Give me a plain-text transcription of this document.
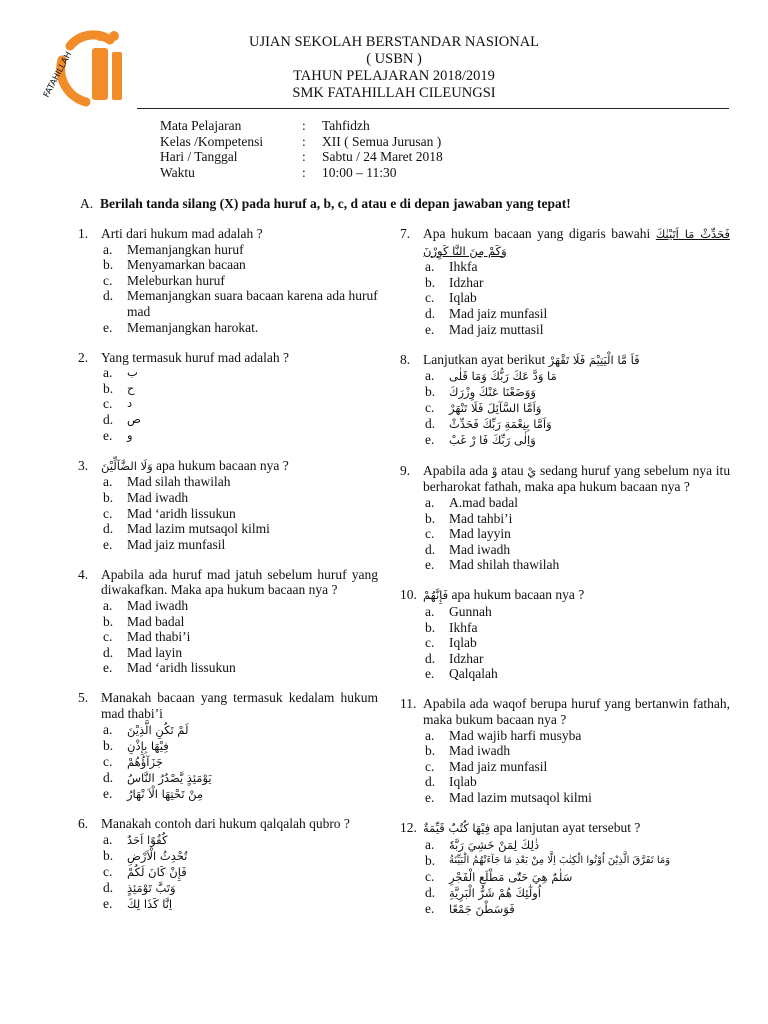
FATAHILLAH
UJIAN SEKOLAH BERSTANDAR NASIONAL
( USBN )
TAHUN PELAJARAN 2018/2019
SMK FATAHILLAH CILEUNGSI
Mata Pelajaran	:	Tahfidzh
Kelas /Kompetensi	:	XII ( Semua Jurusan )
Hari / Tanggal	:	Sabtu / 24 Maret 2018
Waktu	:	10:00 – 11:30
A. Berilah tanda silang (X) pada huruf a, b, c, d atau e di depan jawaban yang tepat!
1. Arti dari hukum mad adalah ?
a.	Memanjangkan huruf
b.	Menyamarkan bacaan
c.	Meleburkan huruf
d.	Memanjangkan suara bacaan karena ada huruf mad
e.	Memanjangkan harokat.
2. Yang termasuk huruf mad adalah ?
a.	ب
b.	ح
c.	د
d.	ص
e.	و
3.	وَلَا الضَّآلِّيْنَ apa hukum bacaan nya ?
a.	Mad silah thawilah
b.	Mad iwadh
c.	Mad ‘aridh lissukun
d.	Mad lazim mutsaqol kilmi
e.	Mad jaiz munfasil
4. Apabila ada huruf mad jatuh sebelum huruf yang diwakafkan. Maka apa hukum bacaan nya ?
a.	Mad iwadh
b.	Mad badal
c.	Mad thabi’i
d.	Mad layin
e.	Mad ‘aridh lissukun
5. Manakah bacaan yang termasuk kedalam hukum mad thabi’i
a.	لَمْ تَكُنِ الَّذِيْنَ
b.	فِيْهَا بِإِذْنِ
c.	جَزَآؤُهُمْ
d.	يَوْمَئِذٍ يَّصْدُرُ النَّاسُ
e.	مِنْ تَحْتِهَا الْاَ نْهَارُ
6. Manakah contoh dari hukum qalqalah qubro ?
a.	كُفُوًا اَحَدٌ
b.	تُحْدِثُ الْاَرْضِ
c.	فَإِنْ كَانَ لَكُمْ
d.	وَتَبَّ تَوْمَئِذٍ
e.	اِنَّا كَذَا لِكَ
7. Apa hukum bacaan yang digaris bawahi فَحَدِّثْ مَا اَتَيْنٰكَ وَكَمْ مِنَ النَّا كَوِرْنَ
a.	Ihkfa
b.	Idzhar
c.	Iqlab
d.	Mad jaiz munfasil
e.	Mad jaiz muttasil
8. Lanjutkan ayat berikut فَاَ مَّا الْيَتِيْمَ فَلَا تَقْهَرْ
a.	مَا وَدَّ عَكَ رَبُّكَ وَمَا قَلٰى
b.	وَوَضَعْنَا عَنْكَ وِزْرَكَ
c.	وَاَمَّا السَّآئِلَ فَلَا تَنْهَرْ
d.	وَاَمَّا بِنِعْمَةِ رَبِّكَ فَحَدِّثْ
e.	وَاِلٰى رَبِّكَ فَا رْ غَبْ
9. Apabila ada وْ atau يْ sedang huruf yang sebelum nya itu berharokat fathah, maka apa hukum bacaan nya ?
a.	A.mad badal
b.	Mad tahbi’i
c.	Mad layyin
d.	Mad iwadh
e.	Mad shilah thawilah
10. فَإِنَّهُمْ apa hukum bacaan nya ?
a.	Gunnah
b.	Ikhfa
c.	Iqlab
d.	Idzhar
e.	Qalqalah
11. Apabila ada waqof berupa huruf yang bertanwin fathah, maka bukum bacaan nya ?
a.	Mad wajib harfi musyba
b.	Mad iwadh
c.	Mad jaiz munfasil
d.	Iqlab
e.	Mad lazim mutsaqol kilmi
12. فِيْهَا كُتُبٌ قَيِّمَةٌ apa lanjutan ayat tersebut ?
a.	ذٰلِكَ لِمَنْ خَشِيَ رَبَّهٗ
b.	وَمَا تَفَرَّقَ الَّذِيْنَ اُوْتُوا الْكِتٰبَ اِلَّا مِنْ بَعْدِ مَا جَآءَتْهُمُ الْبَيِّنَةُ
c.	سَلٰمٌ هِيَ حَتّٰى مَطْلَعِ الْفَجْرِ
d.	اُولٰٓئِكَ هُمْ شَرُّ الْبَرِيَّةِ
e.	فَوَسَطْنَ جَمْعًا
